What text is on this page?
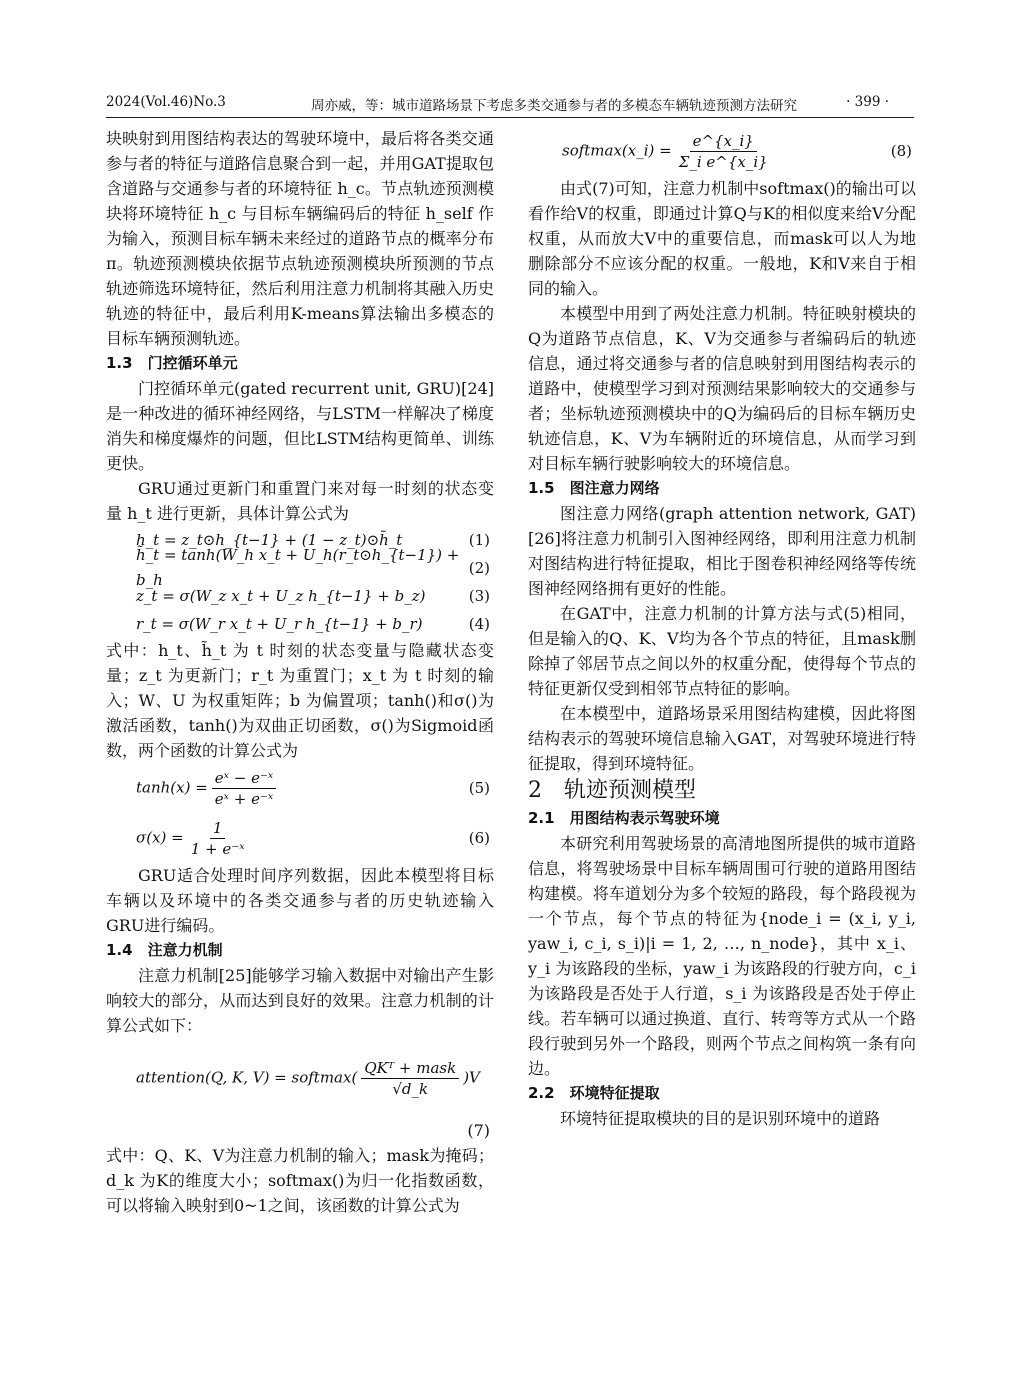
2024(Vol.46)No.3	周亦威，等：城市道路场景下考虑多类交通参与者的多模态车辆轨迹预测方法研究	· 399 ·

块映射到用图结构表达的驾驶环境中，最后将各类交通参与者的特征与道路信息聚合到一起，并用GAT提取包含道路与交通参与者的环境特征 h_c。节点轨迹预测模块将环境特征 h_c 与目标车辆编码后的特征 h_self 作为输入，预测目标车辆未来经过的道路节点的概率分布 π。轨迹预测模块依据节点轨迹预测模块所预测的节点轨迹筛选环境特征，然后利用注意力机制将其融入历史轨迹的特征中，最后利用K-means算法输出多模态的目标车辆预测轨迹。

1.3　门控循环单元

门控循环单元(gated recurrent unit, GRU)[24]是一种改进的循环神经网络，与LSTM一样解决了梯度消失和梯度爆炸的问题，但比LSTM结构更简单、训练更快。

GRU通过更新门和重置门来对每一时刻的状态变量 h_t 进行更新，具体计算公式为

h_t = z_t⊙h_{t−1} + (1 − z_t)⊙h̃_t	(1)
h̃_t = tanh(W_h x_t + U_h(r_t⊙h_{t−1}) + b_h
(2)
z_t = σ(W_z x_t + U_z h_{t−1} + b_z)	(3)
r_t = σ(W_r x_t + U_r h_{t−1} + b_r)	(4)

式中：h_t、h̃_t 为 t 时刻的状态变量与隐藏状态变量；z_t 为更新门；r_t 为重置门；x_t 为 t 时刻的输入；W、U 为权重矩阵；b 为偏置项；tanh()和σ()为激活函数，tanh()为双曲正切函数，σ()为Sigmoid函数，两个函数的计算公式为

$\tanh(x) = \frac{\text{eˣ − e⁻ˣ}}{\text{eˣ + e⁻ˣ}}$	(5)
$\sigma(x) = \frac{1}{\text{1 + e⁻ˣ}}$	(6)

GRU适合处理时间序列数据，因此本模型将目标车辆以及环境中的各类交通参与者的历史轨迹输入GRU进行编码。

1.4　注意力机制

注意力机制[25]能够学习输入数据中对输出产生影响较大的部分，从而达到良好的效果。注意力机制的计算公式如下：

attention(Q, K, V) = softmax( $\frac{\text{QKᵀ + mask}}{√d\_k} )V$
(7)

式中：Q、K、V为注意力机制的输入；mask为掩码；d_k 为K的维度大小；softmax()为归一化指数函数，可以将输入映射到0~1之间，该函数的计算公式为

softmax(x_i) = $\frac{e\^{}\{x\_i\}}{\text{Σ\_i e\textasciicircum{}\{x\_i\}}}$	(8)

由式(7)可知，注意力机制中softmax()的输出可以看作给V的权重，即通过计算Q与K的相似度来给V分配权重，从而放大V中的重要信息，而mask可以人为地删除部分不应该分配的权重。一般地，K和V来自于相同的输入。

本模型中用到了两处注意力机制。特征映射模块的Q为道路节点信息，K、V为交通参与者编码后的轨迹信息，通过将交通参与者的信息映射到用图结构表示的道路中，使模型学习到对预测结果影响较大的交通参与者；坐标轨迹预测模块中的Q为编码后的目标车辆历史轨迹信息，K、V为车辆附近的环境信息，从而学习到对目标车辆行驶影响较大的环境信息。

1.5　图注意力网络

图注意力网络(graph attention network, GAT)[26]将注意力机制引入图神经网络，即利用注意力机制对图结构进行特征提取，相比于图卷积神经网络等传统图神经网络拥有更好的性能。

在GAT中，注意力机制的计算方法与式(5)相同，但是输入的Q、K、V均为各个节点的特征，且mask删除掉了邻居节点之间以外的权重分配，使得每个节点的特征更新仅受到相邻节点特征的影响。

在本模型中，道路场景采用图结构建模，因此将图结构表示的驾驶环境信息输入GAT，对驾驶环境进行特征提取，得到环境特征。

2　轨迹预测模型

2.1　用图结构表示驾驶环境

本研究利用驾驶场景的高清地图所提供的城市道路信息，将驾驶场景中目标车辆周围可行驶的道路用图结构建模。将车道划分为多个较短的路段，每个路段视为一个节点，每个节点的特征为{node_i = (x_i, y_i, yaw_i, c_i, s_i)|i = 1, 2, …, n_node}，其中 x_i、y_i 为该路段的坐标，yaw_i 为该路段的行驶方向，c_i 为该路段是否处于人行道，s_i 为该路段是否处于停止线。若车辆可以通过换道、直行、转弯等方式从一个路段行驶到另外一个路段，则两个节点之间构筑一条有向边。

2.2　环境特征提取

环境特征提取模块的目的是识别环境中的道路
